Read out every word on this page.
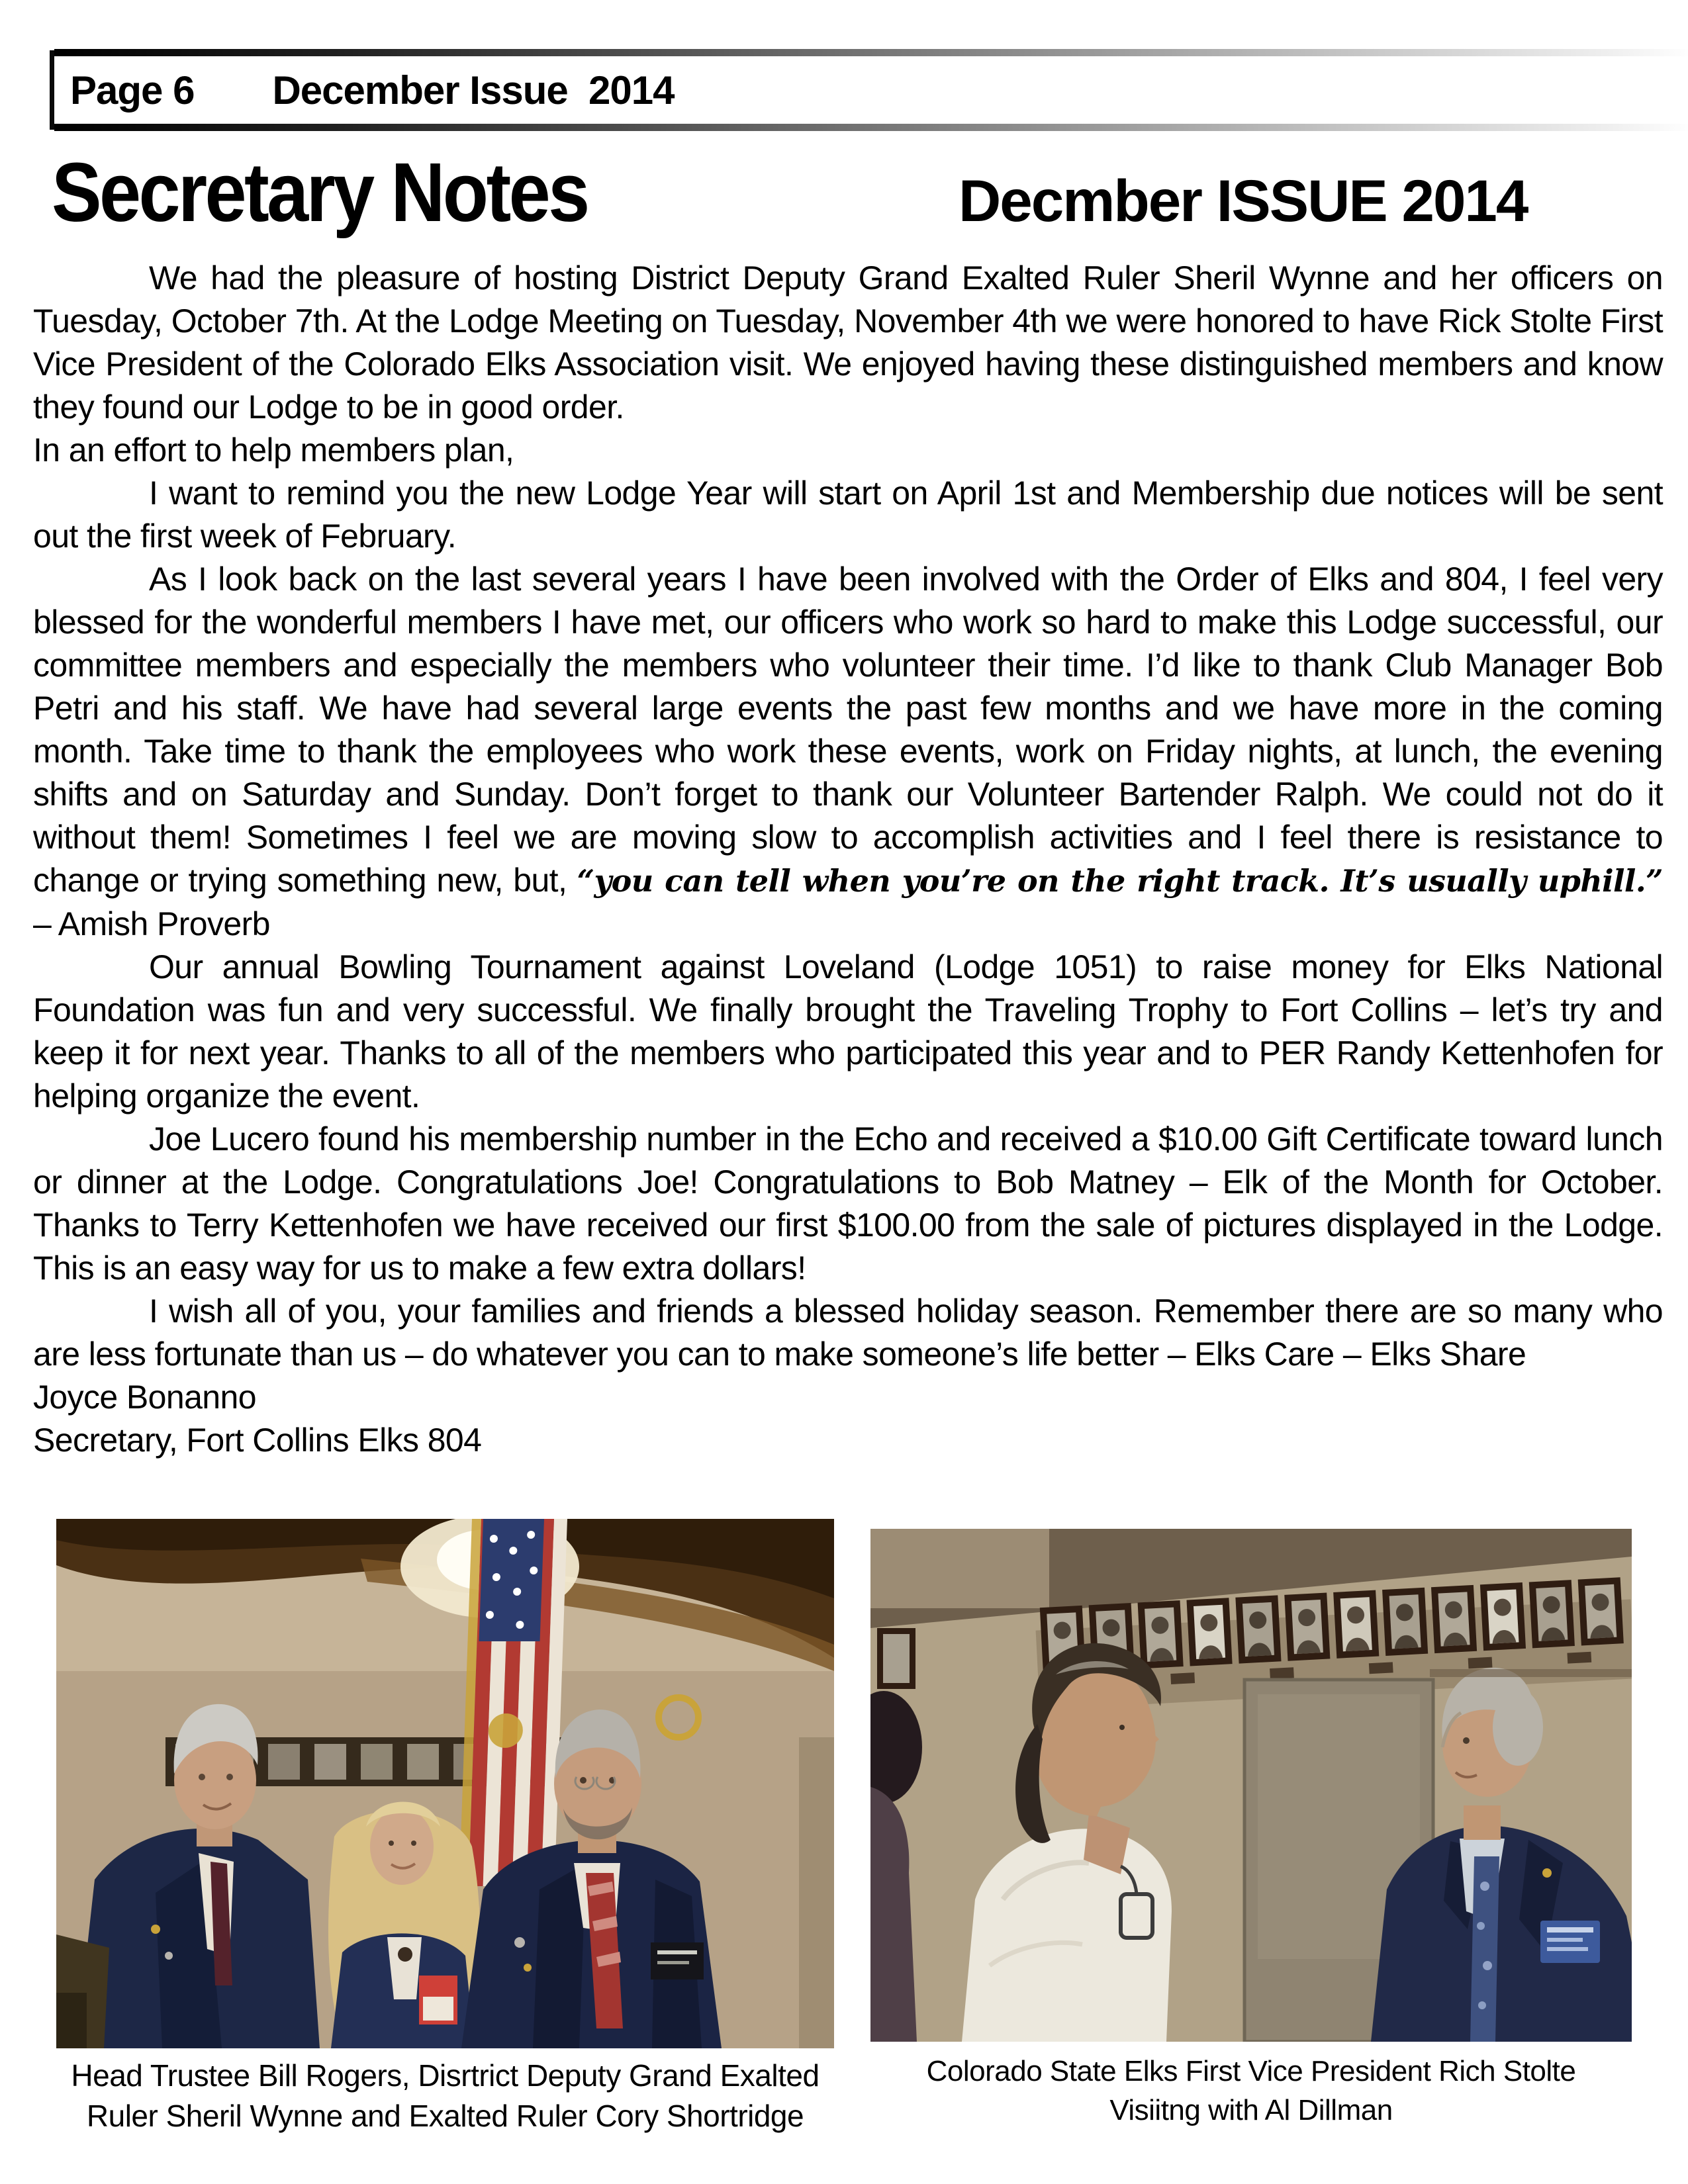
Page 6 December Issue  2014
Secretary Notes	Decmber ISSUE 2014

We had the pleasure of hosting District Deputy Grand Exalted Ruler Sheril Wynne and her officers on Tuesday, October 7th. At the Lodge Meeting on Tuesday, November 4th we were honored to have Rick Stolte First Vice President of the Colorado Elks Association visit. We enjoyed having these distinguished members and know they found our Lodge to be in good order.

In an effort to help members plan,

I want to remind you the new Lodge Year will start on April 1st and Membership due notices will be sent out the first week of February.

As I look back on the last several years I have been involved with the Order of Elks and 804, I feel very blessed for the wonderful members I have met, our officers who work so hard to make this Lodge successful, our committee members and especially the members who volunteer their time. I’d like to thank Club Manager Bob Petri and his staff. We have had several large events the past few months and we have more in the coming month. Take time to thank the employees who work these events, work on Friday nights, at lunch, the evening shifts and on Saturday and Sunday. Don’t forget to thank our Volunteer Bartender Ralph. We could not do it without them! Sometimes I feel we are moving slow to accomplish activities and I feel there is resistance to change or trying something new, but, “you can tell when you’re on the right track. It’s usually uphill.” – Amish Proverb

Our annual Bowling Tournament against Loveland (Lodge 1051) to raise money for Elks National Foundation was fun and very successful. We finally brought the Traveling Trophy to Fort Collins – let’s try and keep it for next year. Thanks to all of the members who participated this year and to PER Randy Kettenhofen for helping organize the event.

Joe Lucero found his membership number in the Echo and received a $10.00 Gift Certificate toward lunch or dinner at the Lodge. Congratulations Joe! Congratulations to Bob Matney – Elk of the Month for October. Thanks to Terry Kettenhofen we have received our first $100.00 from the sale of pictures displayed in the Lodge. This is an easy way for us to make a few extra dollars!

I wish all of you, your families and friends a blessed holiday season. Remember there are so many who are less fortunate than us – do whatever you can to make someone’s life better – Elks Care – Elks Share

Joyce Bonanno

Secretary, Fort Collins Elks 804

Head Trustee Bill Rogers, Disrtrict Deputy Grand Exalted
Ruler Sheril Wynne and Exalted Ruler Cory Shortridge
Colorado State Elks First Vice President Rich Stolte
Visiitng with Al Dillman
